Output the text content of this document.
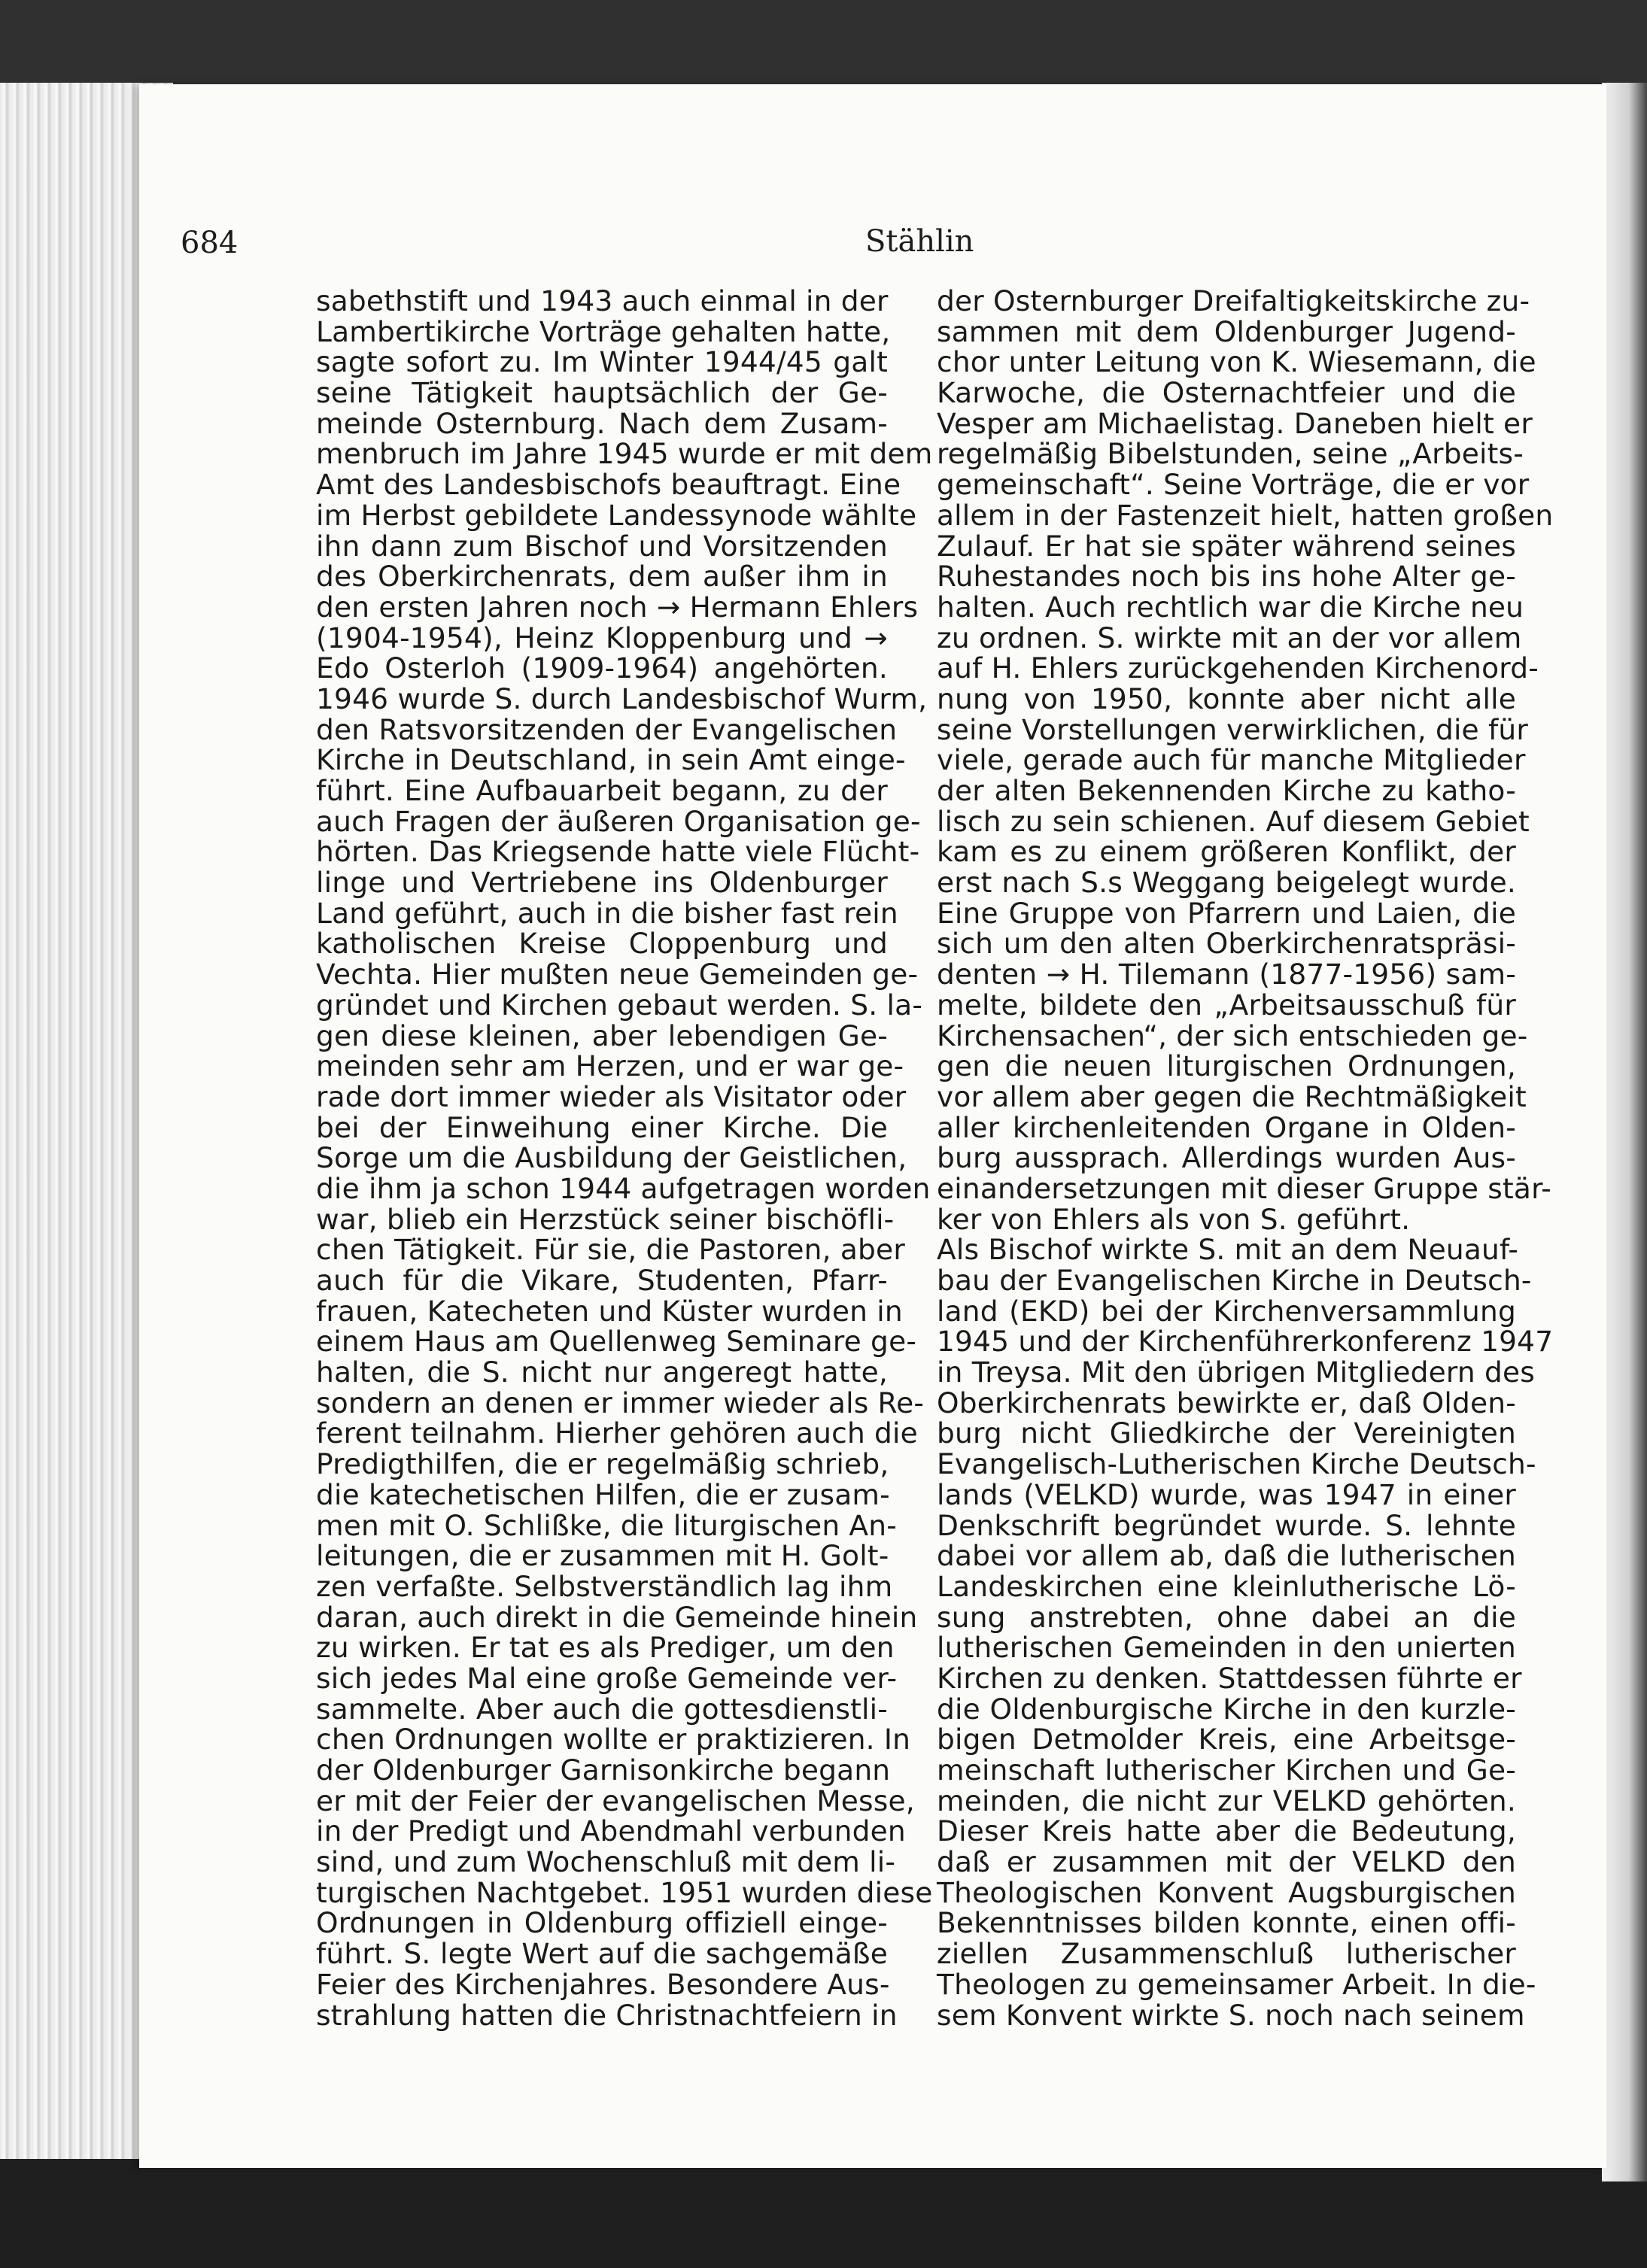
684	Stählin
sabethstift und 1943 auch einmal in der
Lambertikirche Vorträge gehalten hatte,
sagte sofort zu. Im Winter 1944/45 galt
seine Tätigkeit hauptsächlich der Ge-
meinde Osternburg. Nach dem Zusam-
menbruch im Jahre 1945 wurde er mit dem
Amt des Landesbischofs beauftragt. Eine
im Herbst gebildete Landessynode wählte
ihn dann zum Bischof und Vorsitzenden
des Oberkirchenrats, dem außer ihm in
den ersten Jahren noch → Hermann Ehlers
(1904-1954), Heinz Kloppenburg und →
Edo Osterloh (1909-1964) angehörten.
1946 wurde S. durch Landesbischof Wurm,
den Ratsvorsitzenden der Evangelischen
Kirche in Deutschland, in sein Amt einge-
führt. Eine Aufbauarbeit begann, zu der
auch Fragen der äußeren Organisation ge-
hörten. Das Kriegsende hatte viele Flücht-
linge und Vertriebene ins Oldenburger
Land geführt, auch in die bisher fast rein
katholischen Kreise Cloppenburg und
Vechta. Hier mußten neue Gemeinden ge-
gründet und Kirchen gebaut werden. S. la-
gen diese kleinen, aber lebendigen Ge-
meinden sehr am Herzen, und er war ge-
rade dort immer wieder als Visitator oder
bei der Einweihung einer Kirche. Die
Sorge um die Ausbildung der Geistlichen,
die ihm ja schon 1944 aufgetragen worden
war, blieb ein Herzstück seiner bischöfli-
chen Tätigkeit. Für sie, die Pastoren, aber
auch für die Vikare, Studenten, Pfarr-
frauen, Katecheten und Küster wurden in
einem Haus am Quellenweg Seminare ge-
halten, die S. nicht nur angeregt hatte,
sondern an denen er immer wieder als Re-
ferent teilnahm. Hierher gehören auch die
Predigthilfen, die er regelmäßig schrieb,
die katechetischen Hilfen, die er zusam-
men mit O. Schlißke, die liturgischen An-
leitungen, die er zusammen mit H. Golt-
zen verfaßte. Selbstverständlich lag ihm
daran, auch direkt in die Gemeinde hinein
zu wirken. Er tat es als Prediger, um den
sich jedes Mal eine große Gemeinde ver-
sammelte. Aber auch die gottesdienstli-
chen Ordnungen wollte er praktizieren. In
der Oldenburger Garnisonkirche begann
er mit der Feier der evangelischen Messe,
in der Predigt und Abendmahl verbunden
sind, und zum Wochenschluß mit dem li-
turgischen Nachtgebet. 1951 wurden diese
Ordnungen in Oldenburg offiziell einge-
führt. S. legte Wert auf die sachgemäße
Feier des Kirchenjahres. Besondere Aus-
strahlung hatten die Christnachtfeiern in
der Osternburger Dreifaltigkeitskirche zu-
sammen mit dem Oldenburger Jugend-
chor unter Leitung von K. Wiesemann, die
Karwoche, die Osternachtfeier und die
Vesper am Michaelistag. Daneben hielt er
regelmäßig Bibelstunden, seine „Arbeits-
gemeinschaft“. Seine Vorträge, die er vor
allem in der Fastenzeit hielt, hatten großen
Zulauf. Er hat sie später während seines
Ruhestandes noch bis ins hohe Alter ge-
halten. Auch rechtlich war die Kirche neu
zu ordnen. S. wirkte mit an der vor allem
auf H. Ehlers zurückgehenden Kirchenord-
nung von 1950, konnte aber nicht alle
seine Vorstellungen verwirklichen, die für
viele, gerade auch für manche Mitglieder
der alten Bekennenden Kirche zu katho-
lisch zu sein schienen. Auf diesem Gebiet
kam es zu einem größeren Konflikt, der
erst nach S.s Weggang beigelegt wurde.
Eine Gruppe von Pfarrern und Laien, die
sich um den alten Oberkirchenratspräsi-
denten → H. Tilemann (1877-1956) sam-
melte, bildete den „Arbeitsausschuß für
Kirchensachen“, der sich entschieden ge-
gen die neuen liturgischen Ordnungen,
vor allem aber gegen die Rechtmäßigkeit
aller kirchenleitenden Organe in Olden-
burg aussprach. Allerdings wurden Aus-
einandersetzungen mit dieser Gruppe stär-
ker von Ehlers als von S. geführt.
Als Bischof wirkte S. mit an dem Neuauf-
bau der Evangelischen Kirche in Deutsch-
land (EKD) bei der Kirchenversammlung
1945 und der Kirchenführerkonferenz 1947
in Treysa. Mit den übrigen Mitgliedern des
Oberkirchenrats bewirkte er, daß Olden-
burg nicht Gliedkirche der Vereinigten
Evangelisch-Lutherischen Kirche Deutsch-
lands (VELKD) wurde, was 1947 in einer
Denkschrift begründet wurde. S. lehnte
dabei vor allem ab, daß die lutherischen
Landeskirchen eine kleinlutherische Lö-
sung anstrebten, ohne dabei an die
lutherischen Gemeinden in den unierten
Kirchen zu denken. Stattdessen führte er
die Oldenburgische Kirche in den kurzle-
bigen Detmolder Kreis, eine Arbeitsge-
meinschaft lutherischer Kirchen und Ge-
meinden, die nicht zur VELKD gehörten.
Dieser Kreis hatte aber die Bedeutung,
daß er zusammen mit der VELKD den
Theologischen Konvent Augsburgischen
Bekenntnisses bilden konnte, einen offi-
ziellen Zusammenschluß lutherischer
Theologen zu gemeinsamer Arbeit. In die-
sem Konvent wirkte S. noch nach seinem
